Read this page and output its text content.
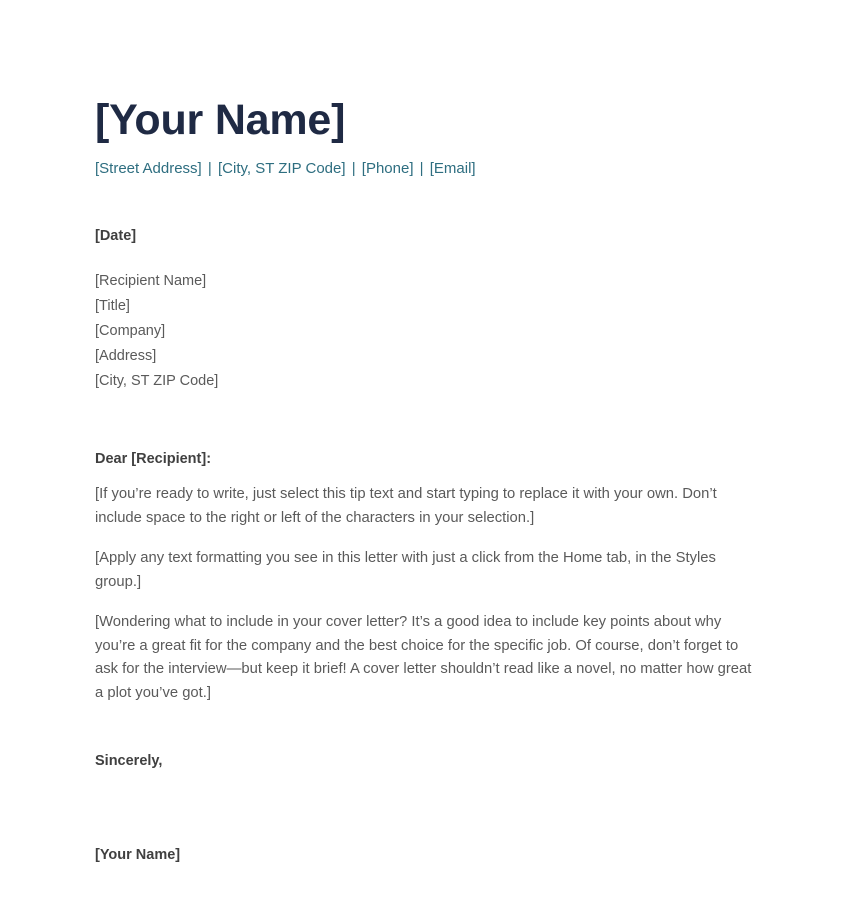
[Your Name]
[Street Address] | [City, ST ZIP Code] | [Phone] | [Email]
[Date]
[Recipient Name]
[Title]
[Company]
[Address]
[City, ST ZIP Code]
Dear [Recipient]:

[If you’re ready to write, just select this tip text and start typing to replace it with your own. Don’t include space to the right or left of the characters in your selection.]

[Apply any text formatting you see in this letter with just a click from the Home tab, in the Styles group.]

[Wondering what to include in your cover letter? It’s a good idea to include key points about why you’re a great fit for the company and the best choice for the specific job. Of course, don’t forget to ask for the interview—but keep it brief! A cover letter shouldn’t read like a novel, no matter how great a plot you’ve got.]

Sincerely,
[Your Name]
